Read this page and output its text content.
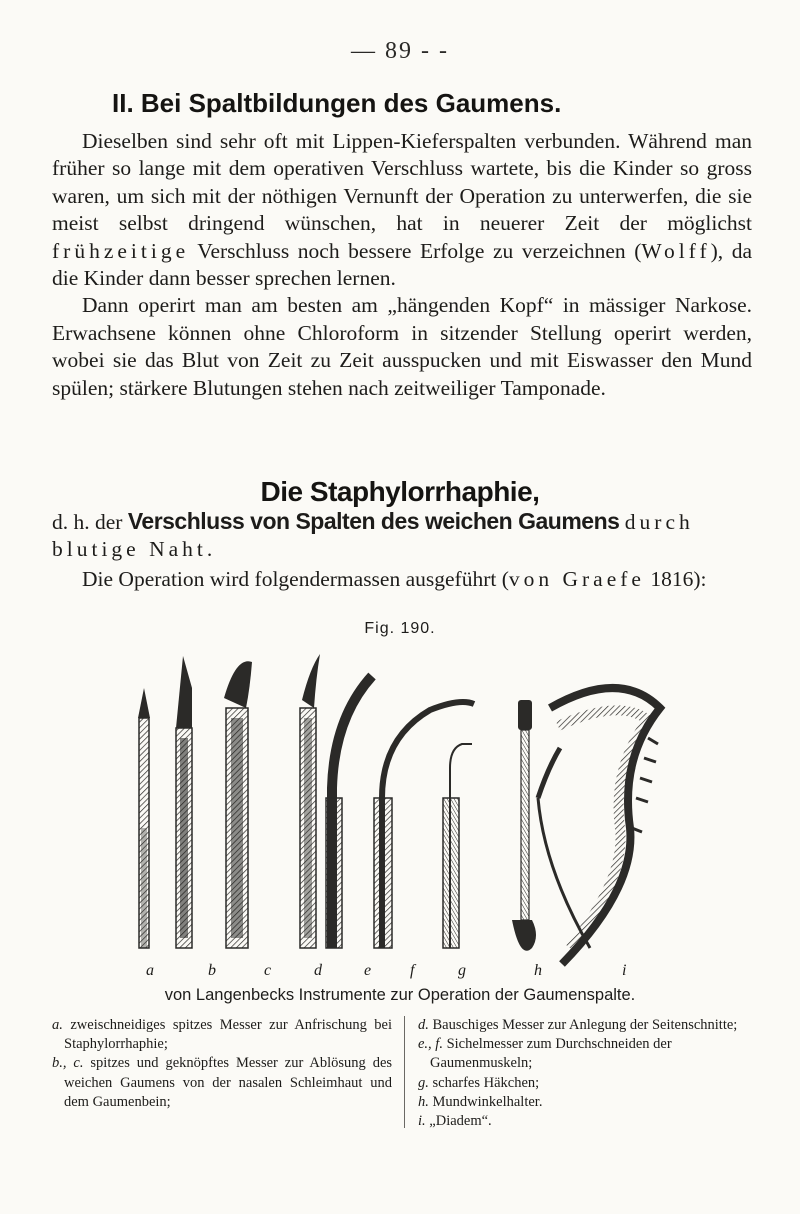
— 89 - -
II. Bei Spaltbildungen des Gaumens.

Dieselben sind sehr oft mit Lippen-Kieferspalten verbunden. Während man früher so lange mit dem operativen Verschluss wartete, bis die Kinder so gross waren, um sich mit der nöthigen Vernunft der Operation zu unterwerfen, die sie meist selbst dringend wünschen, hat in neuerer Zeit der möglichst frühzeitige Verschluss noch bessere Erfolge zu verzeichnen (Wolff), da die Kinder dann besser sprechen lernen.

Dann operirt man am besten am „hängenden Kopf“ in mässiger Narkose. Erwachsene können ohne Chloroform in sitzender Stellung operirt werden, wobei sie das Blut von Zeit zu Zeit ausspucken und mit Eiswasser den Mund spülen; stärkere Blutungen stehen nach zeitweiliger Tamponade.

Die Staphylorrhaphie,
d. h. der Verschluss von Spalten des weichen Gaumens durch blutige Naht.
Die Operation wird folgendermassen ausgeführt (von Graefe 1816):
Fig. 190.
a	b	c	d	e f	g	h	i
von Langenbecks Instrumente zur Operation der Gaumenspalte.
a. zweischneidiges spitzes Messer zur Anfrischung bei Staphylorrhaphie;
b., c. spitzes und geknöpftes Messer zur Ablösung des weichen Gaumens von der nasalen Schleimhaut und dem Gaumenbein;
d. Bauschiges Messer zur Anlegung der Seitenschnitte;
e., f. Sichelmesser zum Durchschneiden der Gaumenmuskeln;
g. scharfes Häkchen;
h. Mundwinkelhalter.
i. „Diadem“.
